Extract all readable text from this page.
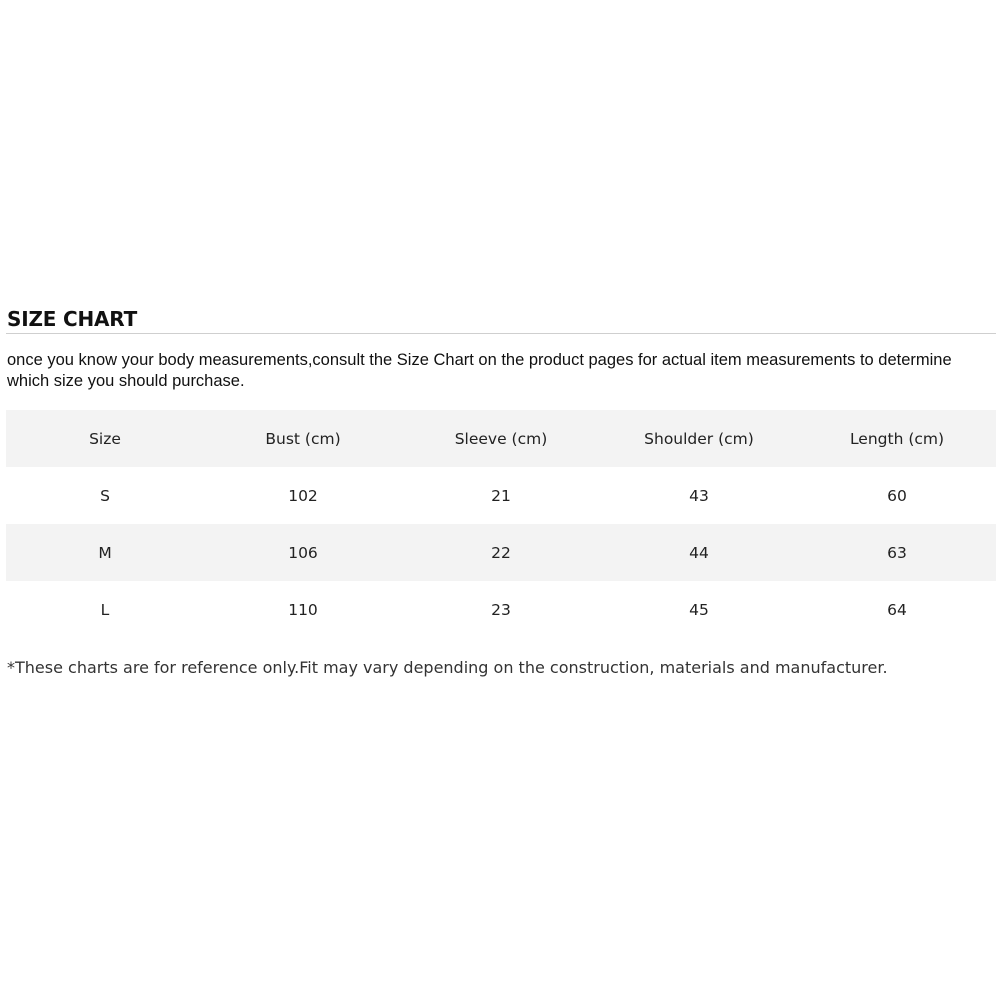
SIZE CHART
once you know your body measurements,consult the Size Chart on the product pages for actual item measurements to determine which size you should purchase.
Size	Bust (cm)	Sleeve (cm)	Shoulder (cm)	Length (cm)
S	102	21	43	60
M	106	22	44	63
L	110	23	45	64
*These charts are for reference only.Fit may vary depending on the construction, materials and manufacturer.
